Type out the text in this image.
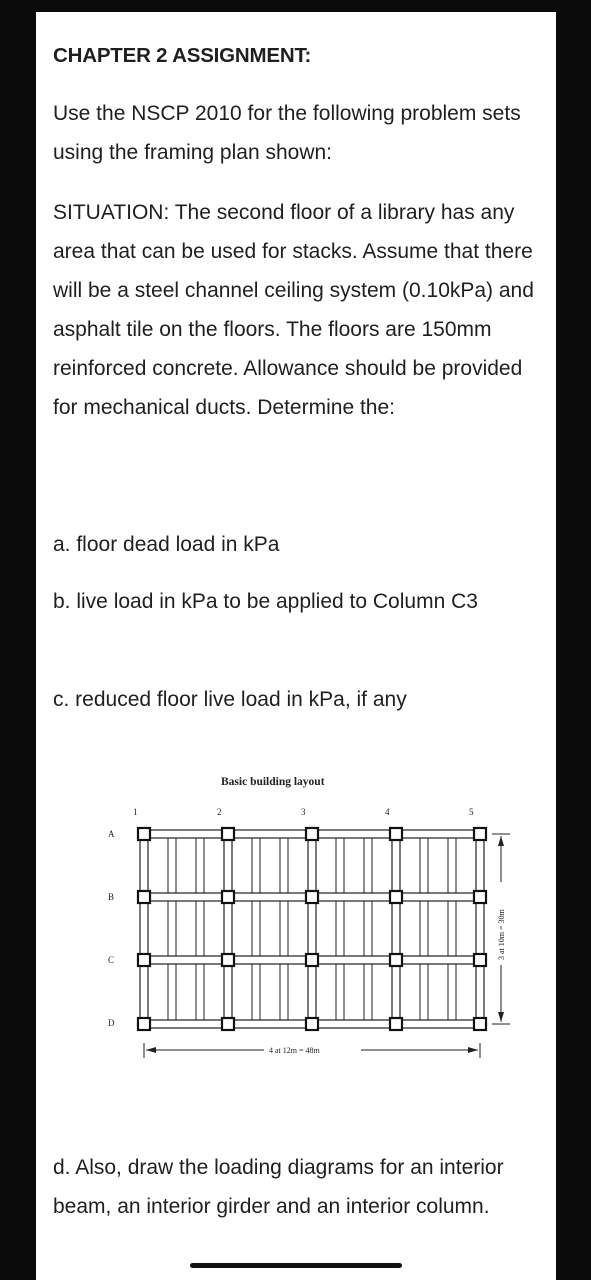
CHAPTER 2 ASSIGNMENT:
Use the NSCP 2010 for the following problem sets using the framing plan shown:
SITUATION: The second floor of a library has any area that can be used for stacks. Assume that there will be a steel channel ceiling system (0.10kPa) and asphalt tile on the floors. The floors are 150mm reinforced concrete. Allowance should be provided for mechanical ducts. Determine the:
a. floor dead load in kPa
b. live load in kPa to be applied to Column C3
c. reduced floor live load in kPa, if any
Basic building layout
1	2	3	4	5
A
B
C
D
4 at 12m = 48m
3 at 10m = 30m
d. Also, draw the loading diagrams for an interior beam, an interior girder and an interior column.
